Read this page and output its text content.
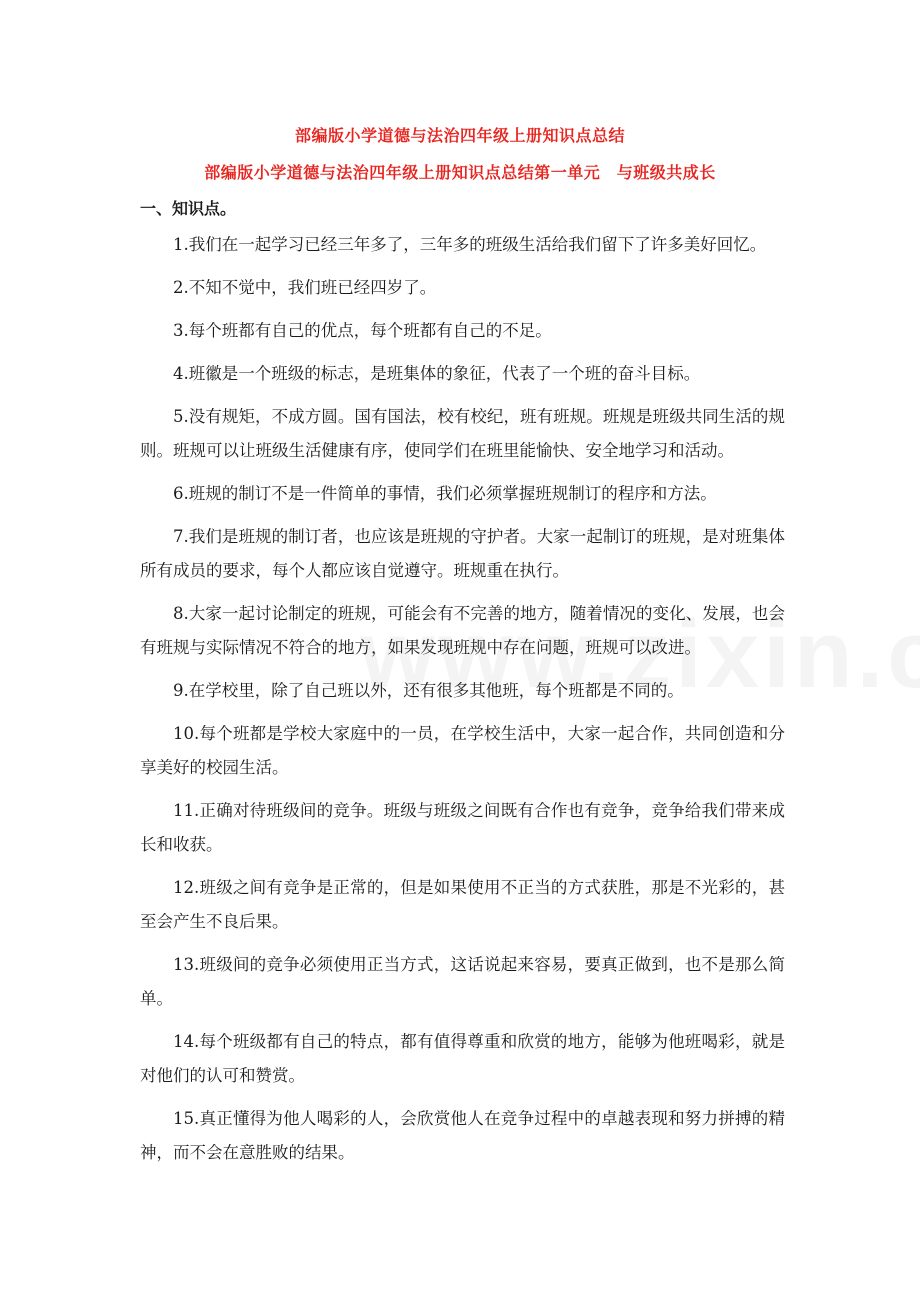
部编版小学道德与法治四年级上册知识点总结
部编版小学道德与法治四年级上册知识点总结第一单元　与班级共成长
一、知识点。

1.我们在一起学习已经三年多了，三年多的班级生活给我们留下了许多美好回忆。

2.不知不觉中，我们班已经四岁了。

3.每个班都有自己的优点，每个班都有自己的不足。

4.班徽是一个班级的标志，是班集体的象征，代表了一个班的奋斗目标。

5.没有规矩，不成方圆。国有国法，校有校纪，班有班规。班规是班级共同生活的规则。班规可以让班级生活健康有序，使同学们在班里能愉快、安全地学习和活动。

6.班规的制订不是一件简单的事情，我们必须掌握班规制订的程序和方法。

7.我们是班规的制订者，也应该是班规的守护者。大家一起制订的班规，是对班集体所有成员的要求，每个人都应该自觉遵守。班规重在执行。

8.大家一起讨论制定的班规，可能会有不完善的地方，随着情况的变化、发展，也会有班规与实际情况不符合的地方，如果发现班规中存在问题，班规可以改进。

9.在学校里，除了自己班以外，还有很多其他班，每个班都是不同的。

10.每个班都是学校大家庭中的一员，在学校生活中，大家一起合作，共同创造和分享美好的校园生活。

11.正确对待班级间的竞争。班级与班级之间既有合作也有竞争，竞争给我们带来成长和收获。

12.班级之间有竞争是正常的，但是如果使用不正当的方式获胜，那是不光彩的，甚至会产生不良后果。

13.班级间的竞争必须使用正当方式，这话说起来容易，要真正做到，也不是那么简单。

14.每个班级都有自己的特点，都有值得尊重和欣赏的地方，能够为他班喝彩，就是对他们的认可和赞赏。

15.真正懂得为他人喝彩的人，会欣赏他人在竞争过程中的卓越表现和努力拼搏的精神，而不会在意胜败的结果。
